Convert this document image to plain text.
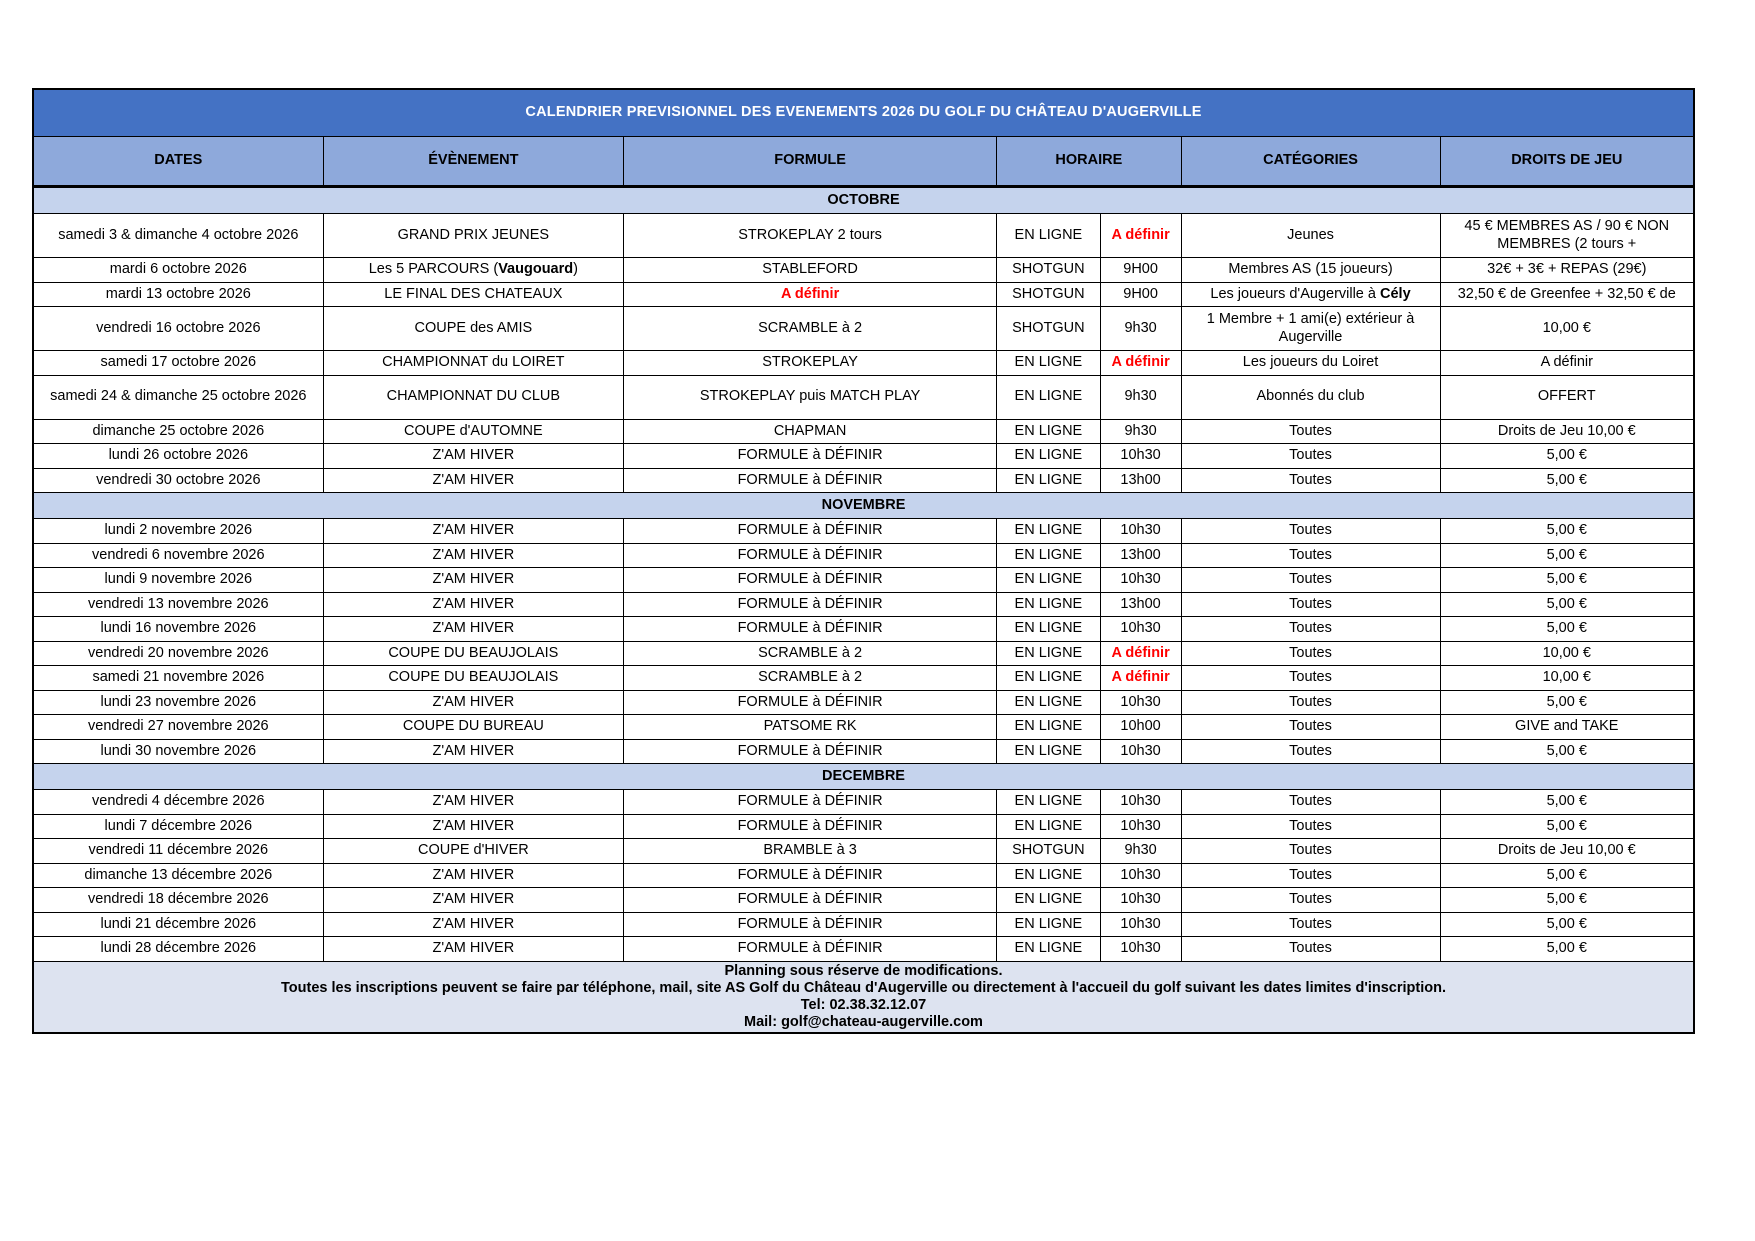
CALENDRIER PREVISIONNEL DES EVENEMENTS 2026 DU GOLF DU CHÂTEAU D'AUGERVILLE
DATES	ÉVÈNEMENT	FORMULE	HORAIRE	CATÉGORIES	DROITS DE JEU
OCTOBRE						
samedi 3 & dimanche 4 octobre 2026	GRAND PRIX JEUNES	STROKEPLAY 2 tours	EN LIGNE	A définir	Jeunes	45 € MEMBRES AS / 90 € NON MEMBRES (2 tours +
mardi 6 octobre 2026	Les 5 PARCOURS (Vaugouard)	STABLEFORD	SHOTGUN	9H00	Membres AS (15 joueurs)	32€ + 3€ + REPAS (29€)
mardi 13 octobre 2026	LE FINAL DES CHATEAUX	A définir	SHOTGUN	9H00	Les joueurs d'Augerville à Cély	32,50 € de Greenfee + 32,50 € de
vendredi 16 octobre 2026	COUPE des AMIS	SCRAMBLE à 2	SHOTGUN	9h30	1 Membre + 1 ami(e) extérieur à Augerville	10,00 €
samedi 17 octobre 2026	CHAMPIONNAT du LOIRET	STROKEPLAY	EN LIGNE	A définir	Les joueurs du Loiret	A définir
samedi 24 & dimanche 25 octobre 2026	CHAMPIONNAT DU CLUB	STROKEPLAY puis MATCH PLAY	EN LIGNE	9h30	Abonnés du club	OFFERT
dimanche 25 octobre 2026	COUPE d'AUTOMNE	CHAPMAN	EN LIGNE	9h30	Toutes	Droits de Jeu 10,00 €
lundi 26 octobre 2026	Z'AM HIVER	FORMULE à DÉFINIR	EN LIGNE	10h30	Toutes	5,00 €
vendredi 30 octobre 2026	Z'AM HIVER	FORMULE à DÉFINIR	EN LIGNE	13h00	Toutes	5,00 €
NOVEMBRE						
lundi 2 novembre 2026	Z'AM HIVER	FORMULE à DÉFINIR	EN LIGNE	10h30	Toutes	5,00 €
vendredi 6 novembre 2026	Z'AM HIVER	FORMULE à DÉFINIR	EN LIGNE	13h00	Toutes	5,00 €
lundi 9 novembre 2026	Z'AM HIVER	FORMULE à DÉFINIR	EN LIGNE	10h30	Toutes	5,00 €
vendredi 13 novembre 2026	Z'AM HIVER	FORMULE à DÉFINIR	EN LIGNE	13h00	Toutes	5,00 €
lundi 16 novembre 2026	Z'AM HIVER	FORMULE à DÉFINIR	EN LIGNE	10h30	Toutes	5,00 €
vendredi 20 novembre 2026	COUPE DU BEAUJOLAIS	SCRAMBLE à 2	EN LIGNE	A définir	Toutes	10,00 €
samedi 21 novembre 2026	COUPE DU BEAUJOLAIS	SCRAMBLE à 2	EN LIGNE	A définir	Toutes	10,00 €
lundi 23 novembre 2026	Z'AM HIVER	FORMULE à DÉFINIR	EN LIGNE	10h30	Toutes	5,00 €
vendredi 27 novembre 2026	COUPE DU BUREAU	PATSOME RK	EN LIGNE	10h00	Toutes	GIVE and TAKE
lundi 30 novembre 2026	Z'AM HIVER	FORMULE à DÉFINIR	EN LIGNE	10h30	Toutes	5,00 €
DECEMBRE						
vendredi 4 décembre 2026	Z'AM HIVER	FORMULE à DÉFINIR	EN LIGNE	10h30	Toutes	5,00 €
lundi 7 décembre 2026	Z'AM HIVER	FORMULE à DÉFINIR	EN LIGNE	10h30	Toutes	5,00 €
vendredi 11 décembre 2026	COUPE d'HIVER	BRAMBLE à 3	SHOTGUN	9h30	Toutes	Droits de Jeu 10,00 €
dimanche 13 décembre 2026	Z'AM HIVER	FORMULE à DÉFINIR	EN LIGNE	10h30	Toutes	5,00 €
vendredi 18 décembre 2026	Z'AM HIVER	FORMULE à DÉFINIR	EN LIGNE	10h30	Toutes	5,00 €
lundi 21 décembre 2026	Z'AM HIVER	FORMULE à DÉFINIR	EN LIGNE	10h30	Toutes	5,00 €
lundi 28 décembre 2026	Z'AM HIVER	FORMULE à DÉFINIR	EN LIGNE	10h30	Toutes	5,00 €

Planning sous réserve de modifications.
Toutes les inscriptions peuvent se faire par téléphone, mail, site AS Golf du Château d'Augerville ou directement à l'accueil du golf suivant les dates limites d'inscription.
Tel: 02.38.32.12.07
Mail: golf@chateau-augerville.com						
